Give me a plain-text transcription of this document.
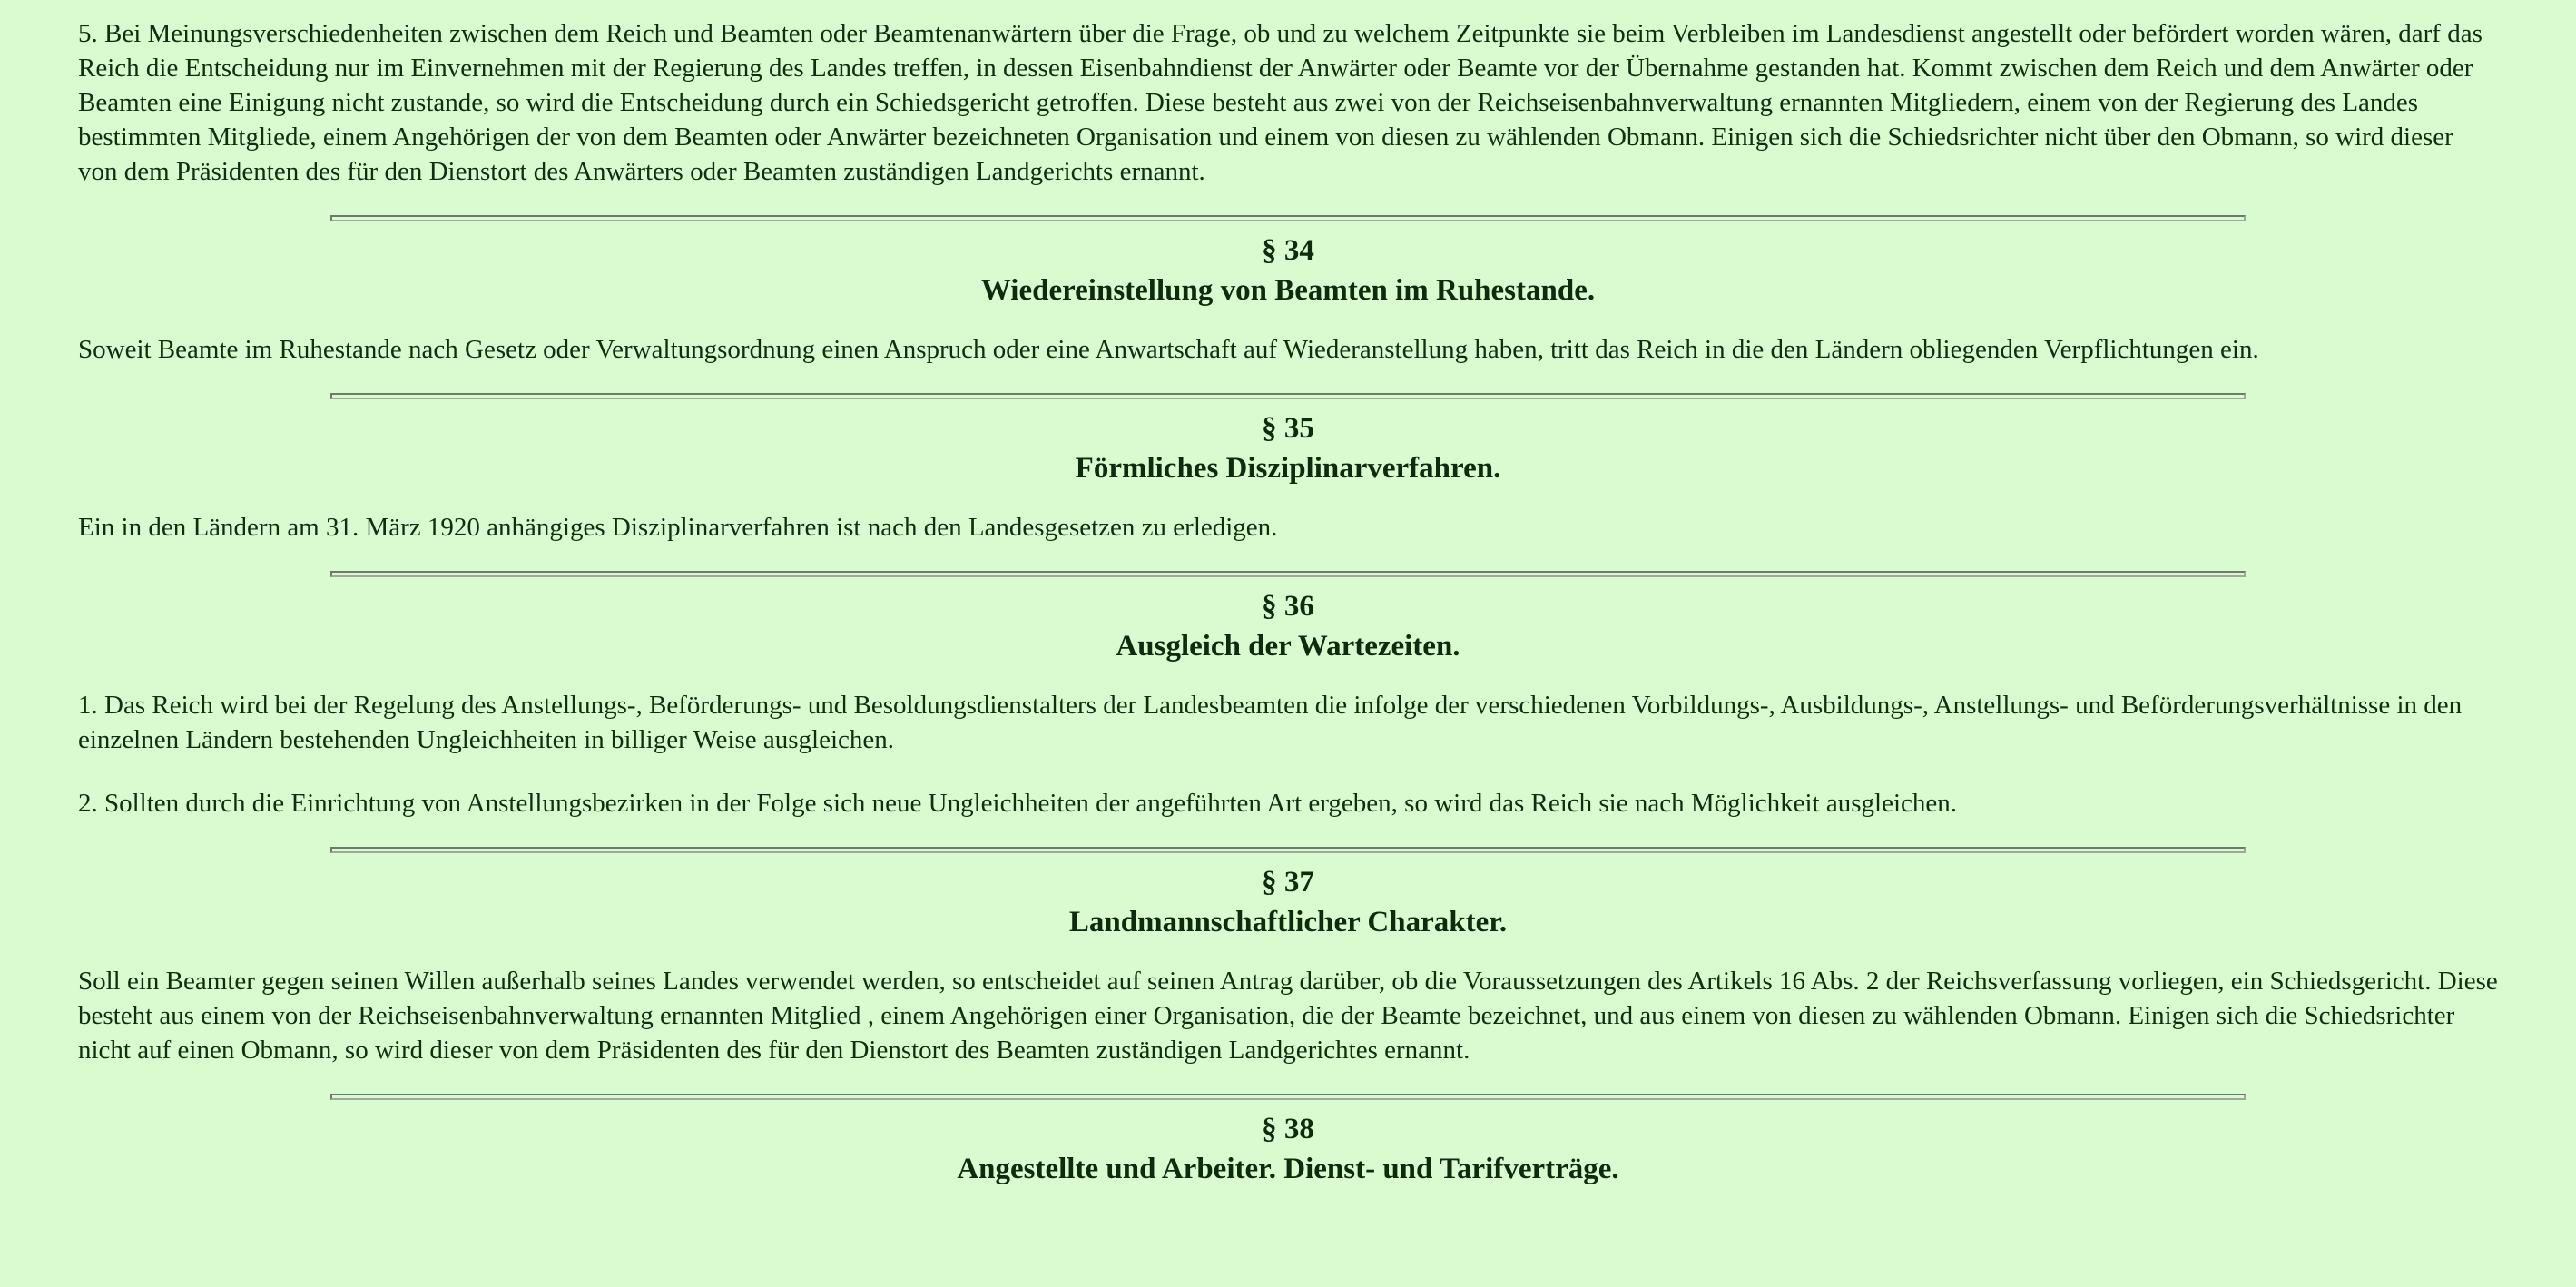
5. Bei Meinungsverschiedenheiten zwischen dem Reich und Beamten oder Beamtenanwärtern über die Frage, ob und zu welchem Zeitpunkte sie beim Verbleiben im Landesdienst angestellt oder befördert worden wären, darf das Reich die Entscheidung nur im Einvernehmen mit der Regierung des Landes treffen, in dessen Eisenbahndienst der Anwärter oder Beamte vor der Übernahme gestanden hat. Kommt zwischen dem Reich und dem Anwärter oder Beamten eine Einigung nicht zustande, so wird die Entscheidung durch ein Schiedsgericht getroffen. Diese besteht aus zwei von der Reichseisenbahnverwaltung ernannten Mitgliedern, einem von der Regierung des Landes bestimmten Mitgliede, einem Angehörigen der von dem Beamten oder Anwärter bezeichneten Organisation und einem von diesen zu wählenden Obmann. Einigen sich die Schiedsrichter nicht über den Obmann, so wird dieser von dem Präsidenten des für den Dienstort des Anwärters oder Beamten zuständigen Landgerichts ernannt.

§ 34
Wiedereinstellung von Beamten im Ruhestande.

Soweit Beamte im Ruhestande nach Gesetz oder Verwaltungsordnung einen Anspruch oder eine Anwartschaft auf Wiederanstellung haben, tritt das Reich in die den Ländern obliegenden Verpflichtungen ein.

§ 35
Förmliches Disziplinarverfahren.

Ein in den Ländern am 31. März 1920 anhängiges Disziplinarverfahren ist nach den Landesgesetzen zu erledigen.

§ 36
Ausgleich der Wartezeiten.

1. Das Reich wird bei der Regelung des Anstellungs-, Beförderungs- und Besoldungsdienstalters der Landesbeamten die infolge der verschiedenen Vorbildungs-, Ausbildungs-, Anstellungs- und Beförderungsverhältnisse in den einzelnen Ländern bestehenden Ungleichheiten in billiger Weise ausgleichen.

2. Sollten durch die Einrichtung von Anstellungsbezirken in der Folge sich neue Ungleichheiten der angeführten Art ergeben, so wird das Reich sie nach Möglichkeit ausgleichen.

§ 37
Landmannschaftlicher Charakter.

Soll ein Beamter gegen seinen Willen außerhalb seines Landes verwendet werden, so entscheidet auf seinen Antrag darüber, ob die Voraussetzungen des Artikels 16 Abs. 2 der Reichsverfassung vorliegen, ein Schiedsgericht. Diese besteht aus einem von der Reichseisenbahnverwaltung ernannten Mitglied , einem Angehörigen einer Organisation, die der Beamte bezeichnet, und aus einem von diesen zu wählenden Obmann. Einigen sich die Schiedsrichter nicht auf einen Obmann, so wird dieser von dem Präsidenten des für den Dienstort des Beamten zuständigen Landgerichtes ernannt.

§ 38
Angestellte und Arbeiter. Dienst- und Tarifverträge.
